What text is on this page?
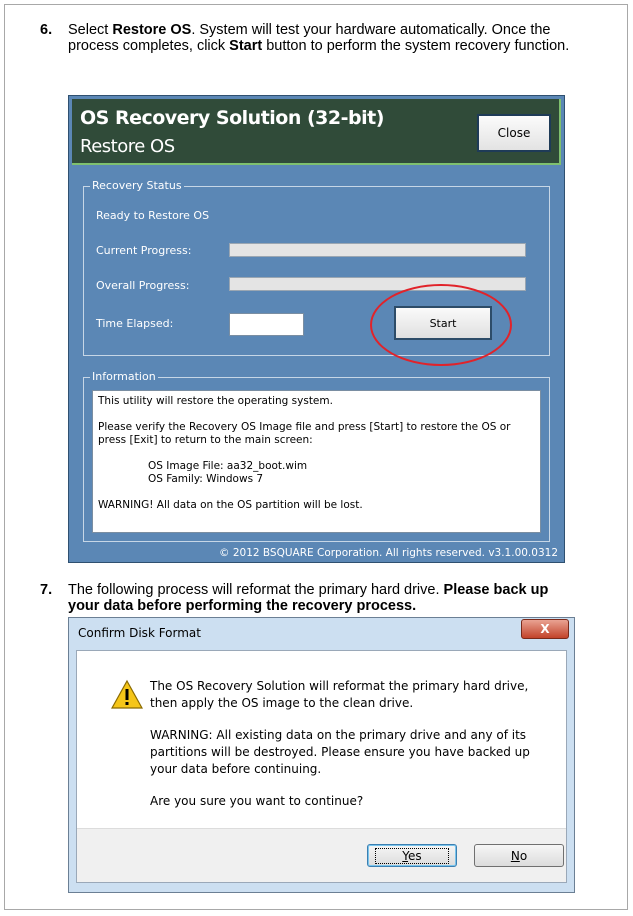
6. Select Restore OS. System will test your hardware automatically. Once the process completes, click Start button to perform the system recovery function.
OS Recovery Solution (32-bit)
Restore OS
Close
Recovery Status
Ready to Restore OS
Current Progress:
Overall Progress:
Time Elapsed:	Start
Information

This utility will restore the operating system.

Please verify the Recovery OS Image file and press [Start] to restore the OS or press [Exit] to return to the main screen:

OS Image File: aa32_boot.wim

OS Family: Windows 7

WARNING! All data on the OS partition will be lost.

© 2012 BSQUARE Corporation. All rights reserved. v3.1.00.0312
7. The following process will reformat the primary hard drive. Please back up your data before performing the recovery process.
Confirm Disk Format	X

The OS Recovery Solution will reformat the primary hard drive, then apply the OS image to the clean drive.

WARNING: All existing data on the primary drive and any of its partitions will be destroyed. Please ensure you have backed up your data before continuing.

Are you sure you want to continue?

Yes	No
